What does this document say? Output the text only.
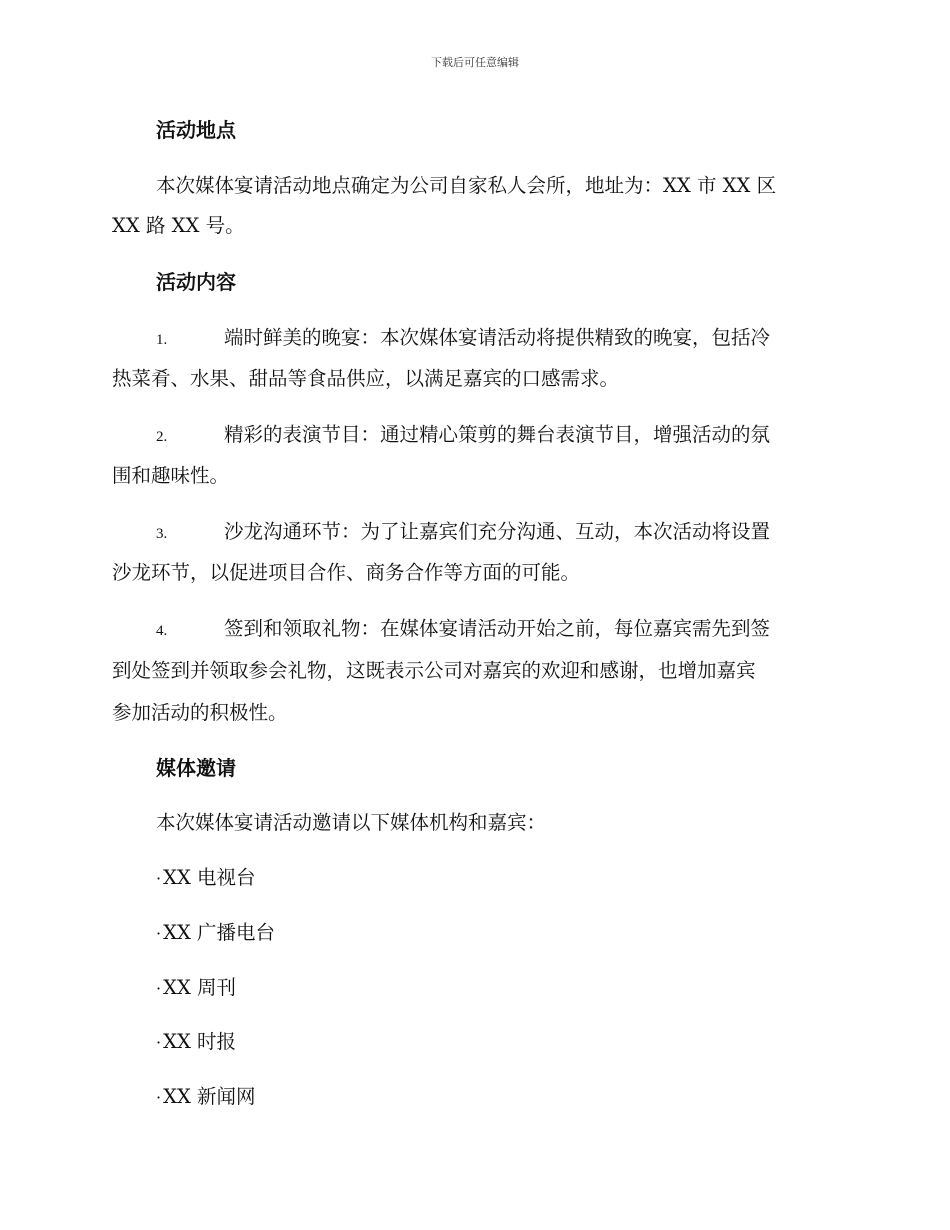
下载后可任意编辑
活动地点
本次媒体宴请活动地点确定为公司自家私人会所，地址为：XX 市 XX 区
XX 路 XX 号。
活动内容
1.	端时鲜美的晚宴：本次媒体宴请活动将提供精致的晚宴，包括冷
热菜肴、水果、甜品等食品供应，以满足嘉宾的口感需求。
2.	精彩的表演节目：通过精心策剪的舞台表演节目，增强活动的氛
围和趣味性。
3.	沙龙沟通环节：为了让嘉宾们充分沟通、互动，本次活动将设置
沙龙环节，以促进项目合作、商务合作等方面的可能。
4.	签到和领取礼物：在媒体宴请活动开始之前，每位嘉宾需先到签
到处签到并领取参会礼物，这既表示公司对嘉宾的欢迎和感谢，也增加嘉宾
参加活动的积极性。
媒体邀请
本次媒体宴请活动邀请以下媒体机构和嘉宾：
· XX 电视台
· XX 广播电台
· XX 周刊
· XX 时报
· XX 新闻网
